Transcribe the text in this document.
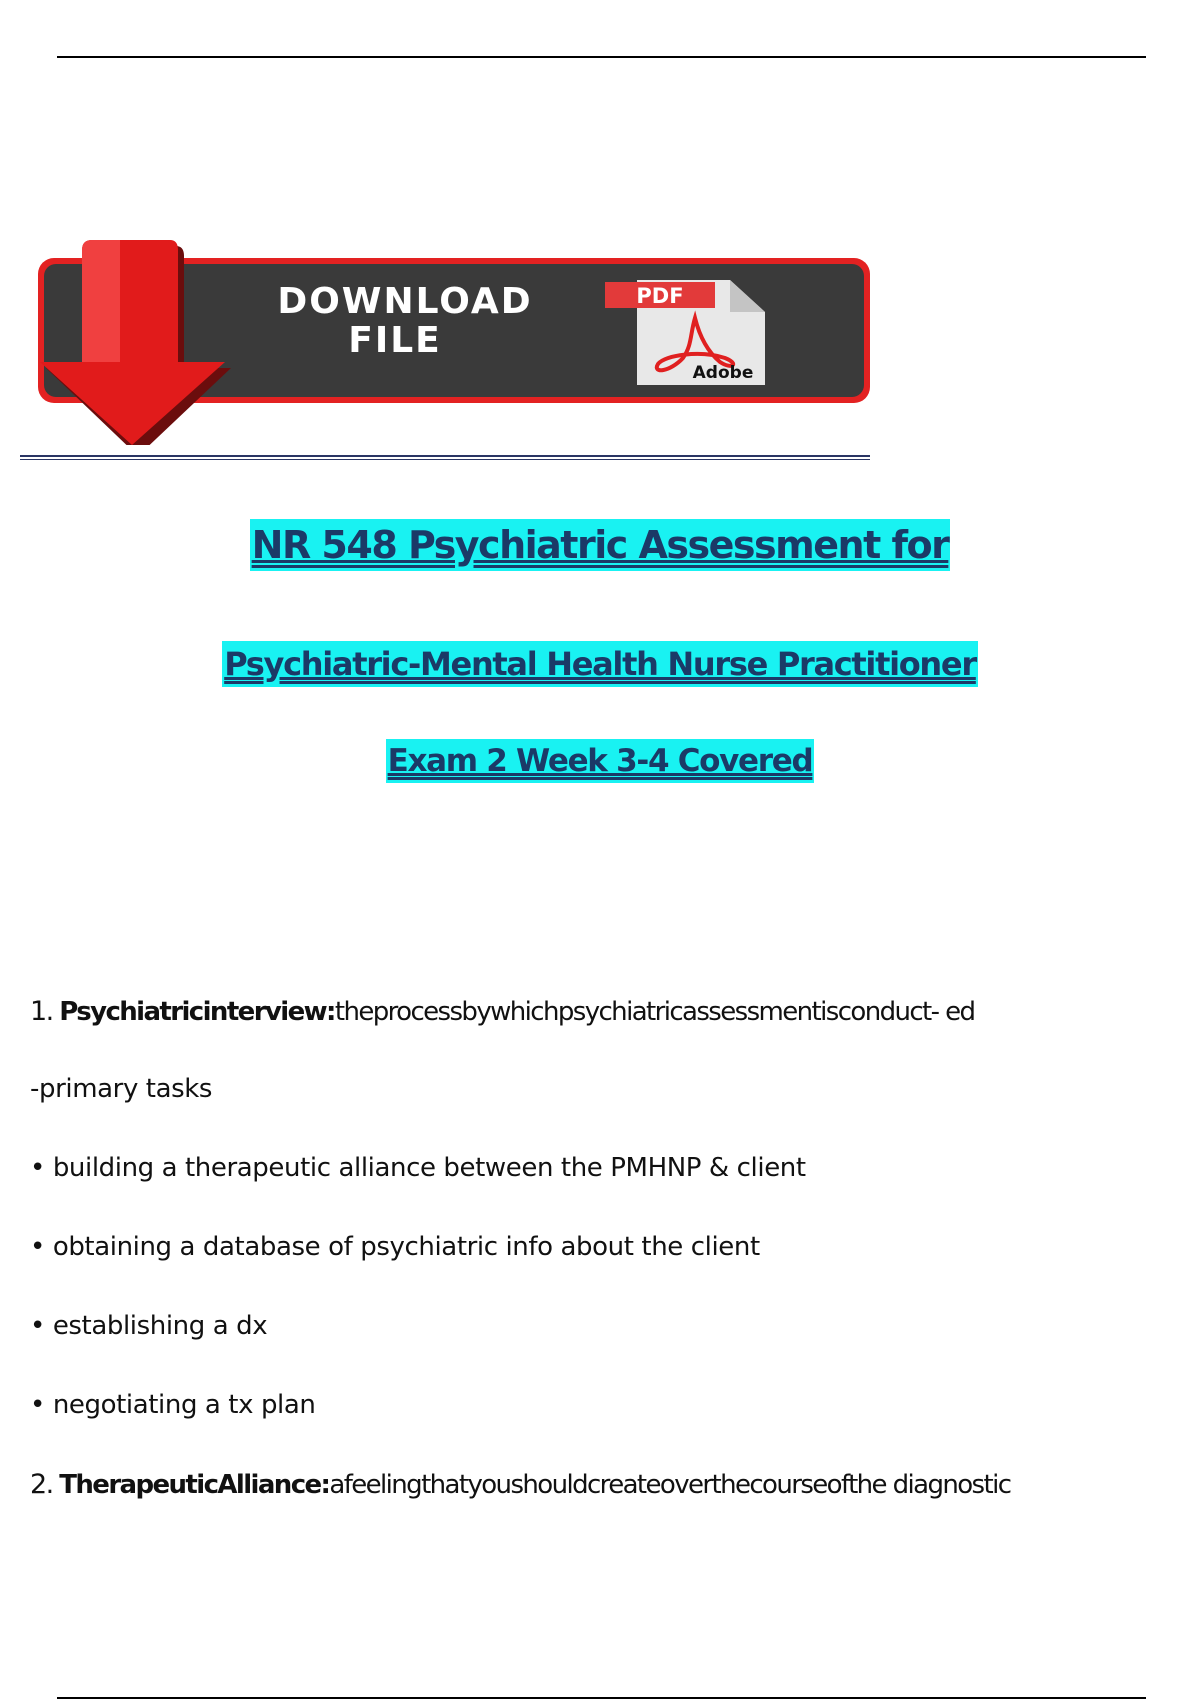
DOWNLOAD
FILE
PDF
Adobe
NR 548 Psychiatric Assessment for
Psychiatric-Mental Health Nurse Practitioner
Exam 2 Week 3-4 Covered
1. Psychiatricinterview:theprocessbywhichpsychiatricassessmentisconduct- ed
-primary tasks
• building a therapeutic alliance between the PMHNP & client
• obtaining a database of psychiatric info about the client
• establishing a dx
• negotiating a tx plan
2. TherapeuticAlliance:afeelingthatyoushouldcreateoverthecourseofthe diagnostic
